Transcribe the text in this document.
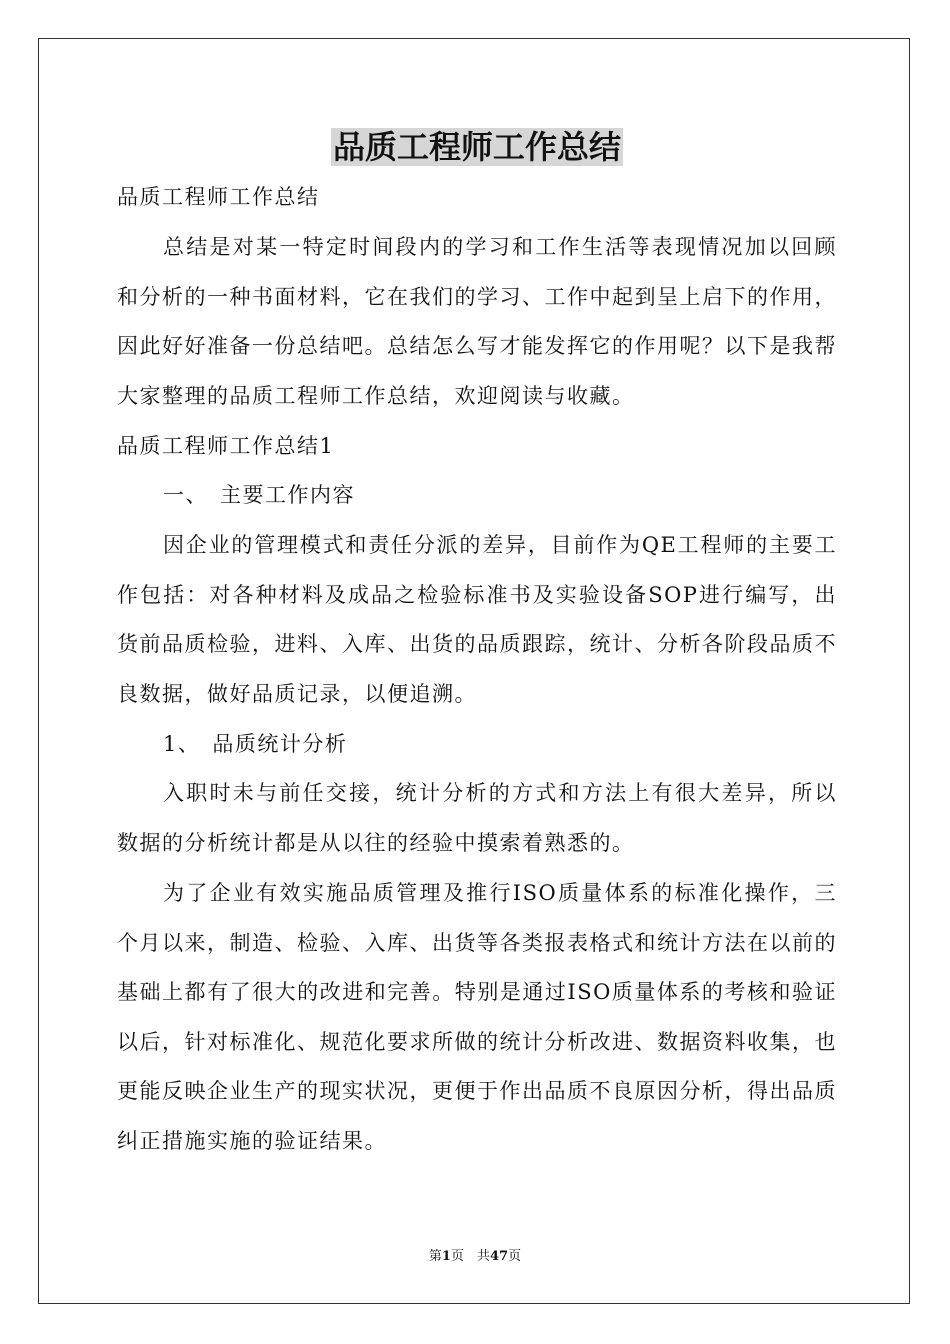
品质工程师工作总结

品质工程师工作总结

总结是对某一特定时间段内的学习和工作生活等表现情况加以回顾和分析的一种书面材料，它在我们的学习、工作中起到呈上启下的作用，因此好好准备一份总结吧。总结怎么写才能发挥它的作用呢？以下是我帮大家整理的品质工程师工作总结，欢迎阅读与收藏。

品质工程师工作总结1

一、　主要工作内容

因企业的管理模式和责任分派的差异，目前作为QE工程师的主要工作包括：对各种材料及成品之检验标准书及实验设备SOP进行编写，出货前品质检验，进料、入库、出货的品质跟踪，统计、分析各阶段品质不良数据，做好品质记录，以便追溯。

1、　品质统计分析

入职时未与前任交接，统计分析的方式和方法上有很大差异，所以数据的分析统计都是从以往的经验中摸索着熟悉的。

为了企业有效实施品质管理及推行ISO质量体系的标准化操作，三个月以来，制造、检验、入库、出货等各类报表格式和统计方法在以前的基础上都有了很大的改进和完善。特别是通过ISO质量体系的考核和验证以后，针对标准化、规范化要求所做的统计分析改进、数据资料收集，也更能反映企业生产的现实状况，更便于作出品质不良原因分析，得出品质纠正措施实施的验证结果。

第1页　共47页
